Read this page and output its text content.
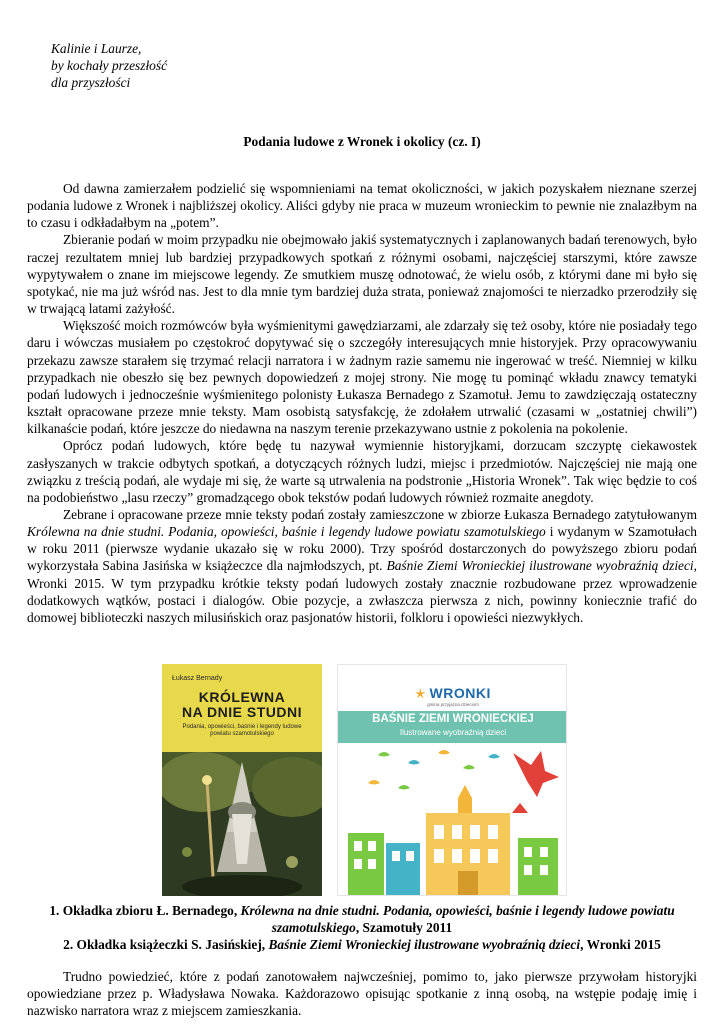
Kalinie i Laurze,
by kochały przeszłość
dla przyszłości
Podania ludowe z Wronek i okolicy (cz. I)

Od dawna zamierzałem podzielić się wspomnieniami na temat okoliczności, w jakich pozyskałem nieznane szerzej podania ludowe z Wronek i najbliższej okolicy. Aliści gdyby nie praca w muzeum wronieckim to pewnie nie znalazłbym na to czasu i odkładałbym na „potem”.

Zbieranie podań w moim przypadku nie obejmowało jakiś systematycznych i zaplanowanych badań terenowych, było raczej rezultatem mniej lub bardziej przypadkowych spotkań z różnymi osobami, najczęściej starszymi, które zawsze wypytywałem o znane im miejscowe legendy. Ze smutkiem muszę odnotować, że wielu osób, z którymi dane mi było się spotykać, nie ma już wśród nas. Jest to dla mnie tym bardziej duża strata, ponieważ znajomości te nierzadko przerodziły się w trwającą latami zażyłość.

Większość moich rozmówców była wyśmienitymi gawędziarzami, ale zdarzały się też osoby, które nie posiadały tego daru i wówczas musiałem po częstokroć dopytywać się o szczegóły interesujących mnie historyjek. Przy opracowywaniu przekazu zawsze starałem się trzymać relacji narratora i w żadnym razie samemu nie ingerować w treść. Niemniej w kilku przypadkach nie obeszło się bez pewnych dopowiedzeń z mojej strony. Nie mogę tu pominąć wkładu znawcy tematyki podań ludowych i jednocześnie wyśmienitego polonisty Łukasza Bernadego z Szamotuł. Jemu to zawdzięczają ostateczny kształt opracowane przeze mnie teksty. Mam osobistą satysfakcję, że zdołałem utrwalić (czasami w „ostatniej chwili”) kilkanaście podań, które jeszcze do niedawna na naszym terenie przekazywano ustnie z pokolenia na pokolenie.

Oprócz podań ludowych, które będę tu nazywał wymiennie historyjkami, dorzucam szczyptę ciekawostek zasłyszanych w trakcie odbytych spotkań, a dotyczących różnych ludzi, miejsc i przedmiotów. Najczęściej nie mają one związku z treścią podań, ale wydaje mi się, że warte są utrwalenia na podstronie „Historia Wronek”. Tak więc będzie to coś na podobieństwo „lasu rzeczy” gromadzącego obok tekstów podań ludowych również rozmaite anegdoty.

Zebrane i opracowane przeze mnie teksty podań zostały zamieszczone w zbiorze Łukasza Bernadego zatytułowanym Królewna na dnie studni. Podania, opowieści, baśnie i legendy ludowe powiatu szamotulskiego i wydanym w Szamotułach w roku 2011 (pierwsze wydanie ukazało się w roku 2000). Trzy spośród dostarczonych do powyższego zbioru podań wykorzystała Sabina Jasińska w książeczce dla najmłodszych, pt. Baśnie Ziemi Wronieckiej ilustrowane wyobraźnią dzieci, Wronki 2015. W tym przypadku krótkie teksty podań ludowych zostały znacznie rozbudowane przez wprowadzenie dodatkowych wątków, postaci i dialogów. Obie pozycje, a zwłaszcza pierwsza z nich, powinny koniecznie trafić do domowej biblioteczki naszych milusińskich oraz pasjonatów historii, folkloru i opowieści niezwykłych.

Łukasz Bernady
KRÓLEWNA
NA DNIE STUDNI
Podania, opowieści, baśnie i legendy ludowe powiatu szamotulskiego
🟉 WRONKI
gmina przyjazna dzieciom
BAŚNIE ZIEMI WRONIECKIEJ
Ilustrowane wyobraźnią dzieci
1. Okładka zbioru Ł. Bernadego, Królewna na dnie studni. Podania, opowieści, baśnie i legendy ludowe powiatu szamotulskiego, Szamotuły 2011
2. Okładka książeczki S. Jasińskiej, Baśnie Ziemi Wronieckiej ilustrowane wyobraźnią dzieci, Wronki 2015

Trudno powiedzieć, które z podań zanotowałem najwcześniej, pomimo to, jako pierwsze przywołam historyjki opowiedziane przez p. Władysława Nowaka. Każdorazowo opisując spotkanie z inną osobą, na wstępie podaję imię i nazwisko narratora wraz z miejscem zamieszkania.
